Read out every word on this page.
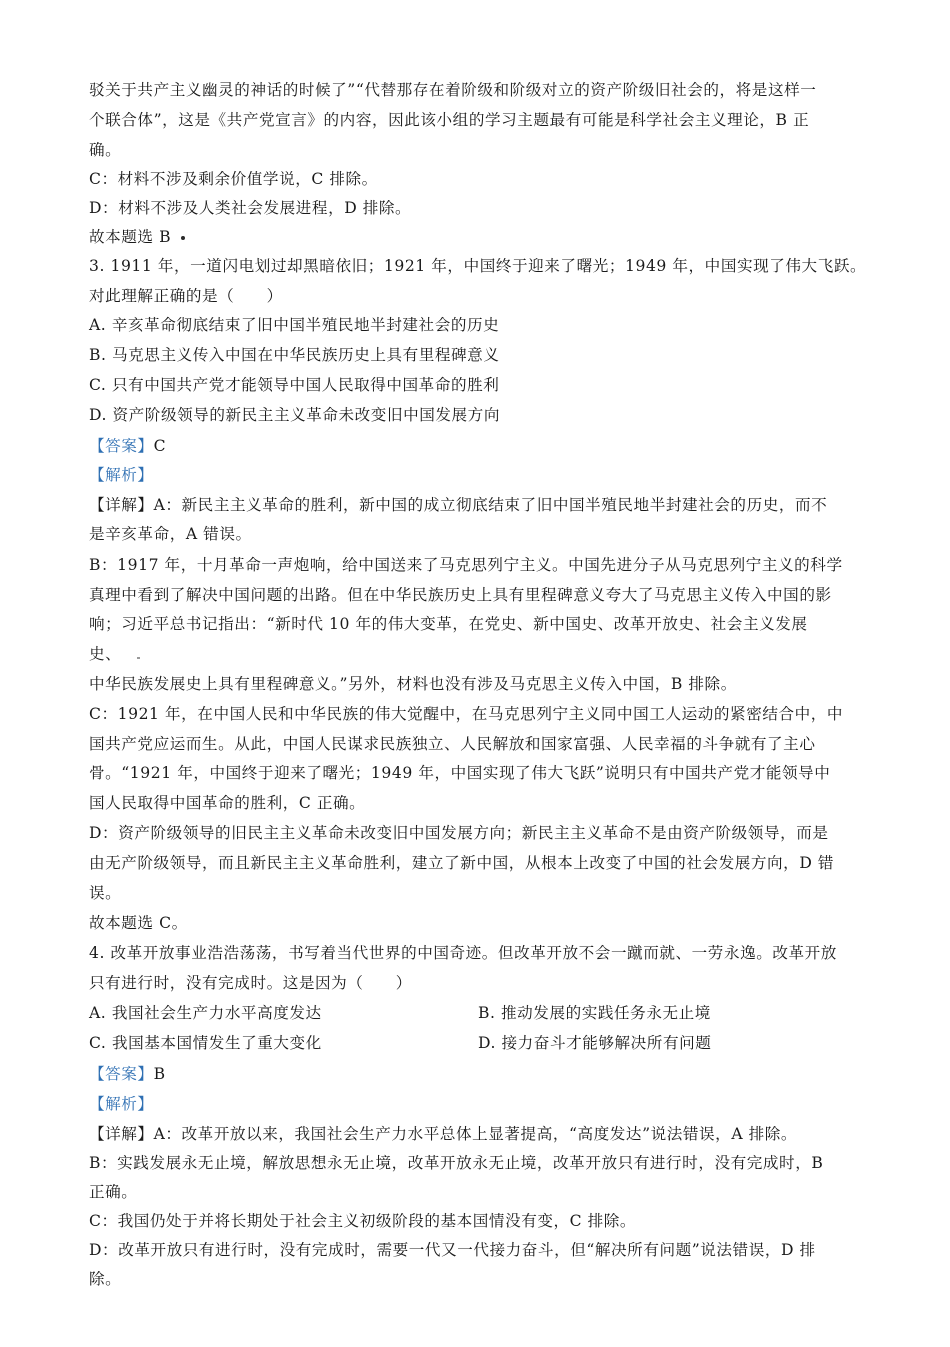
驳关于共产主义幽灵的神话的时候了”“代替那存在着阶级和阶级对立的资产阶级旧社会的，将是这样一

个联合体”，这是《共产党宣言》的内容，因此该小组的学习主题最有可能是科学社会主义理论，B 正

确。

C：材料不涉及剩余价值学说，C 排除。

D：材料不涉及人类社会发展进程，D 排除。

故本题选 B

3. 1911 年，一道闪电划过却黑暗依旧；1921 年，中国终于迎来了曙光；1949 年，中国实现了伟大飞跃。

对此理解正确的是（　　）

A. 辛亥革命彻底结束了旧中国半殖民地半封建社会的历史

B. 马克思主义传入中国在中华民族历史上具有里程碑意义

C. 只有中国共产党才能领导中国人民取得中国革命的胜利

D. 资产阶级领导的新民主主义革命未改变旧中国发展方向

【答案】C

【解析】

【详解】A：新民主主义革命的胜利，新中国的成立彻底结束了旧中国半殖民地半封建社会的历史，而不

是辛亥革命，A 错误。

B：1917 年，十月革命一声炮响，给中国送来了马克思列宁主义。中国先进分子从马克思列宁主义的科学

真理中看到了解决中国问题的出路。但在中华民族历史上具有里程碑意义夸大了马克思主义传入中国的影

响；习近平总书记指出：“新时代 10 年的伟大变革，在党史、新中国史、改革开放史、社会主义发展

史、

中华民族发展史上具有里程碑意义。”另外，材料也没有涉及马克思主义传入中国，B 排除。

C：1921 年，在中国人民和中华民族的伟大觉醒中，在马克思列宁主义同中国工人运动的紧密结合中，中

国共产党应运而生。从此，中国人民谋求民族独立、人民解放和国家富强、人民幸福的斗争就有了主心

骨。“1921 年，中国终于迎来了曙光；1949 年，中国实现了伟大飞跃”说明只有中国共产党才能领导中

国人民取得中国革命的胜利，C 正确。

D：资产阶级领导的旧民主主义革命未改变旧中国发展方向；新民主主义革命不是由资产阶级领导，而是

由无产阶级领导，而且新民主主义革命胜利，建立了新中国，从根本上改变了中国的社会发展方向，D 错

误。

故本题选 C。

4. 改革开放事业浩浩荡荡，书写着当代世界的中国奇迹。但改革开放不会一蹴而就、一劳永逸。改革开放

只有进行时，没有完成时。这是因为（　　）

A. 我国社会生产力水平高度发达	B. 推动发展的实践任务永无止境

C. 我国基本国情发生了重大变化	D. 接力奋斗才能够解决所有问题

【答案】B

【解析】

【详解】A：改革开放以来，我国社会生产力水平总体上显著提高，“高度发达”说法错误，A 排除。

B：实践发展永无止境，解放思想永无止境，改革开放永无止境，改革开放只有进行时，没有完成时，B

正确。

C：我国仍处于并将长期处于社会主义初级阶段的基本国情没有变，C 排除。

D：改革开放只有进行时，没有完成时，需要一代又一代接力奋斗，但“解决所有问题”说法错误，D 排

除。
